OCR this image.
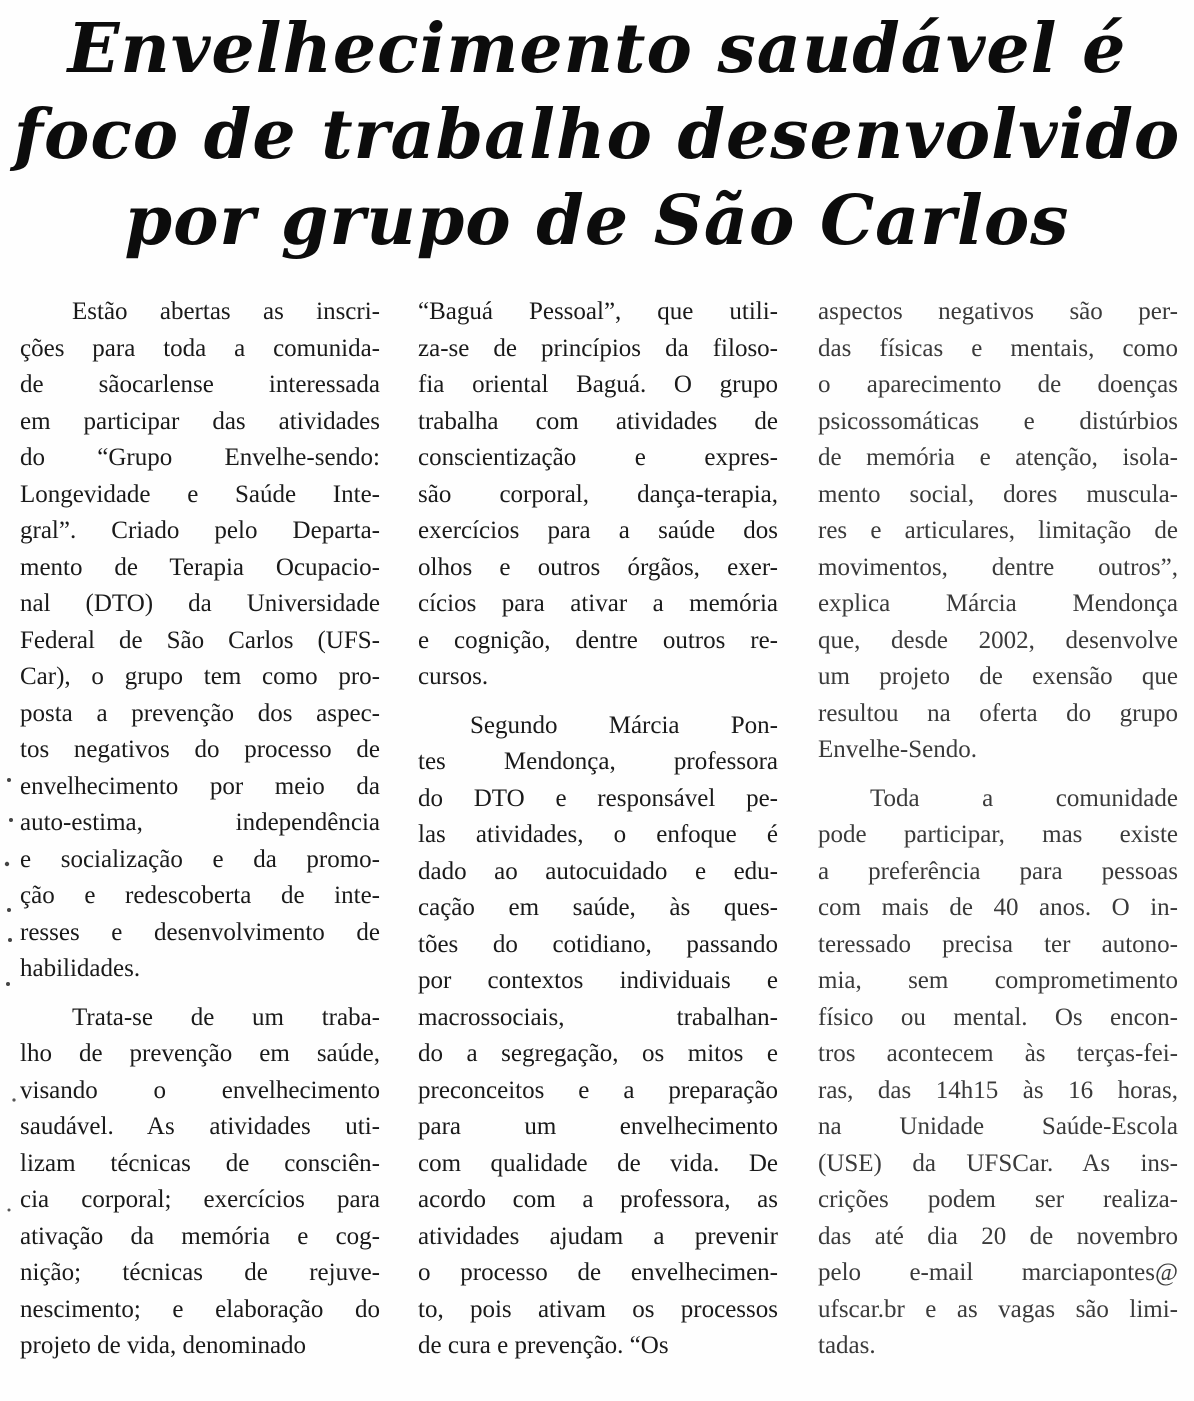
Envelhecimento saudável é
foco de trabalho desenvolvido
por grupo de São Carlos
Estão abertas as inscri-
ções para toda a comunida-
de sãocarlense interessada
em participar das atividades
do “Grupo Envelhe-sendo:
Longevidade e Saúde Inte-
gral”. Criado pelo Departa-
mento de Terapia Ocupacio-
nal (DTO) da Universidade
Federal de São Carlos (UFS-
Car), o grupo tem como pro-
posta a prevenção dos aspec-
tos negativos do processo de
envelhecimento por meio da
auto-estima, independência
e socialização e da promo-
ção e redescoberta de inte-
resses e desenvolvimento de
habilidades.
Trata-se de um traba-
lho de prevenção em saúde,
visando o envelhecimento
saudável. As atividades uti-
lizam técnicas de consciên-
cia corporal; exercícios para
ativação da memória e cog-
nição; técnicas de rejuve-
nescimento; e elaboração do
projeto de vida, denominado
“Baguá Pessoal”, que utili-
za-se de princípios da filoso-
fia oriental Baguá. O grupo
trabalha com atividades de
conscientização e expres-
são corporal, dança-terapia,
exercícios para a saúde dos
olhos e outros órgãos, exer-
cícios para ativar a memória
e cognição, dentre outros re-
cursos.
Segundo Márcia Pon-
tes Mendonça, professora
do DTO e responsável pe-
las atividades, o enfoque é
dado ao autocuidado e edu-
cação em saúde, às ques-
tões do cotidiano, passando
por contextos individuais e
macrossociais, trabalhan-
do a segregação, os mitos e
preconceitos e a preparação
para um envelhecimento
com qualidade de vida. De
acordo com a professora, as
atividades ajudam a prevenir
o processo de envelhecimen-
to, pois ativam os processos
de cura e prevenção. “Os
aspectos negativos são per-
das físicas e mentais, como
o aparecimento de doenças
psicossomáticas e distúrbios
de memória e atenção, isola-
mento social, dores muscula-
res e articulares, limitação de
movimentos, dentre outros”,
explica Márcia Mendonça
que, desde 2002, desenvolve
um projeto de exensão que
resultou na oferta do grupo
Envelhe-Sendo.
Toda a comunidade
pode participar, mas existe
a preferência para pessoas
com mais de 40 anos. O in-
teressado precisa ter autono-
mia, sem comprometimento
físico ou mental. Os encon-
tros acontecem às terças-fei-
ras, das 14h15 às 16 horas,
na Unidade Saúde-Escola
(USE) da UFSCar. As ins-
crições podem ser realiza-
das até dia 20 de novembro
pelo e-mail marciapontes@
ufscar.br e as vagas são limi-
tadas.
